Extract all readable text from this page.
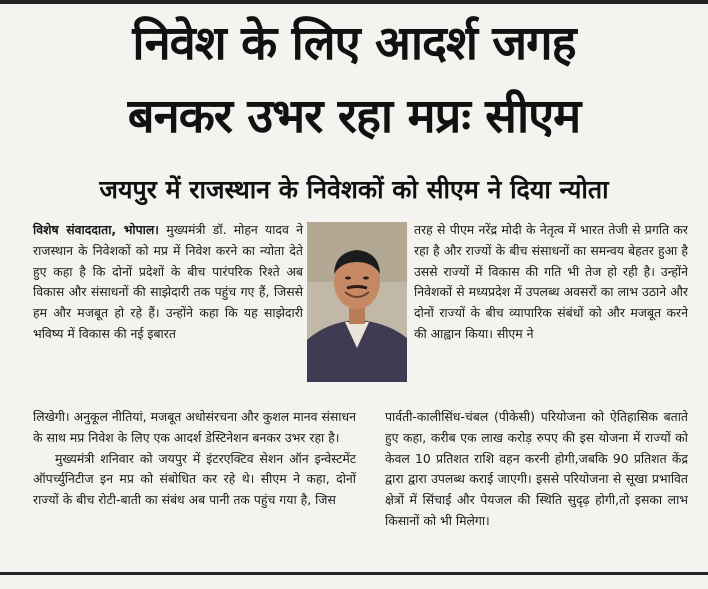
निवेश के लिए आदर्श जगह
बनकर उभर रहा मप्रः सीएम
जयपुर में राजस्थान के निवेशकों को सीएम ने दिया न्योता

विशेष संवाददाता, भोपाल। मुख्यमंत्री डॉ. मोहन यादव ने राजस्थान के निवेशकों को मप्र में निवेश करने का न्योता देते हुए कहा है कि दोनों प्रदेशों के बीच पारंपरिक रिश्ते अब विकास और संसाधनों की साझेदारी तक पहुंच गए हैं, जिससे हम और मजबूत हो रहे हैं। उन्होंने कहा कि यह साझेदारी भविष्य में विकास की नई इबारत

लिखेगी। अनुकूल नीतियां, मजबूत अधोसंरचना और कुशल मानव संसाधन के साथ मप्र निवेश के लिए एक आदर्श डेस्टिनेशन बनकर उभर रहा है।

मुख्यमंत्री शनिवार को जयपुर में इंटरएक्टिव सेशन ऑन इन्वेस्टमेंट ऑपर्च्युनिटीज इन मप्र को संबोधित कर रहे थे। सीएम ने कहा, दोनों राज्यों के बीच रोटी-बाती का संबंध अब पानी तक पहुंच गया है, जिस

तरह से पीएम नरेंद्र मोदी के नेतृत्व में भारत तेजी से प्रगति कर रहा है और राज्यों के बीच संसाधनों का समन्वय बेहतर हुआ है उससे राज्यों में विकास की गति भी तेज हो रही है। उन्होंने निवेशकों से मध्यप्रदेश में उपलब्ध अवसरों का लाभ उठाने और दोनों राज्यों के बीच व्यापारिक संबंधों को और मजबूत करने की आह्वान किया। सीएम ने

पार्वती-कालीसिंध-चंबल (पीकेसी) परियोजना को ऐतिहासिक बताते हुए कहा, करीब एक लाख करोड़ रुपए की इस योजना में राज्यों को केवल 10 प्रतिशत राशि वहन करनी होगी,जबकि 90 प्रतिशत केंद्र द्वारा द्वारा उपलब्ध कराई जाएगी। इससे परियोजना से सूखा प्रभावित क्षेत्रों में सिंचाई और पेयजल की स्थिति सुदृढ़ होगी,तो इसका लाभ किसानों को भी मिलेगा।
